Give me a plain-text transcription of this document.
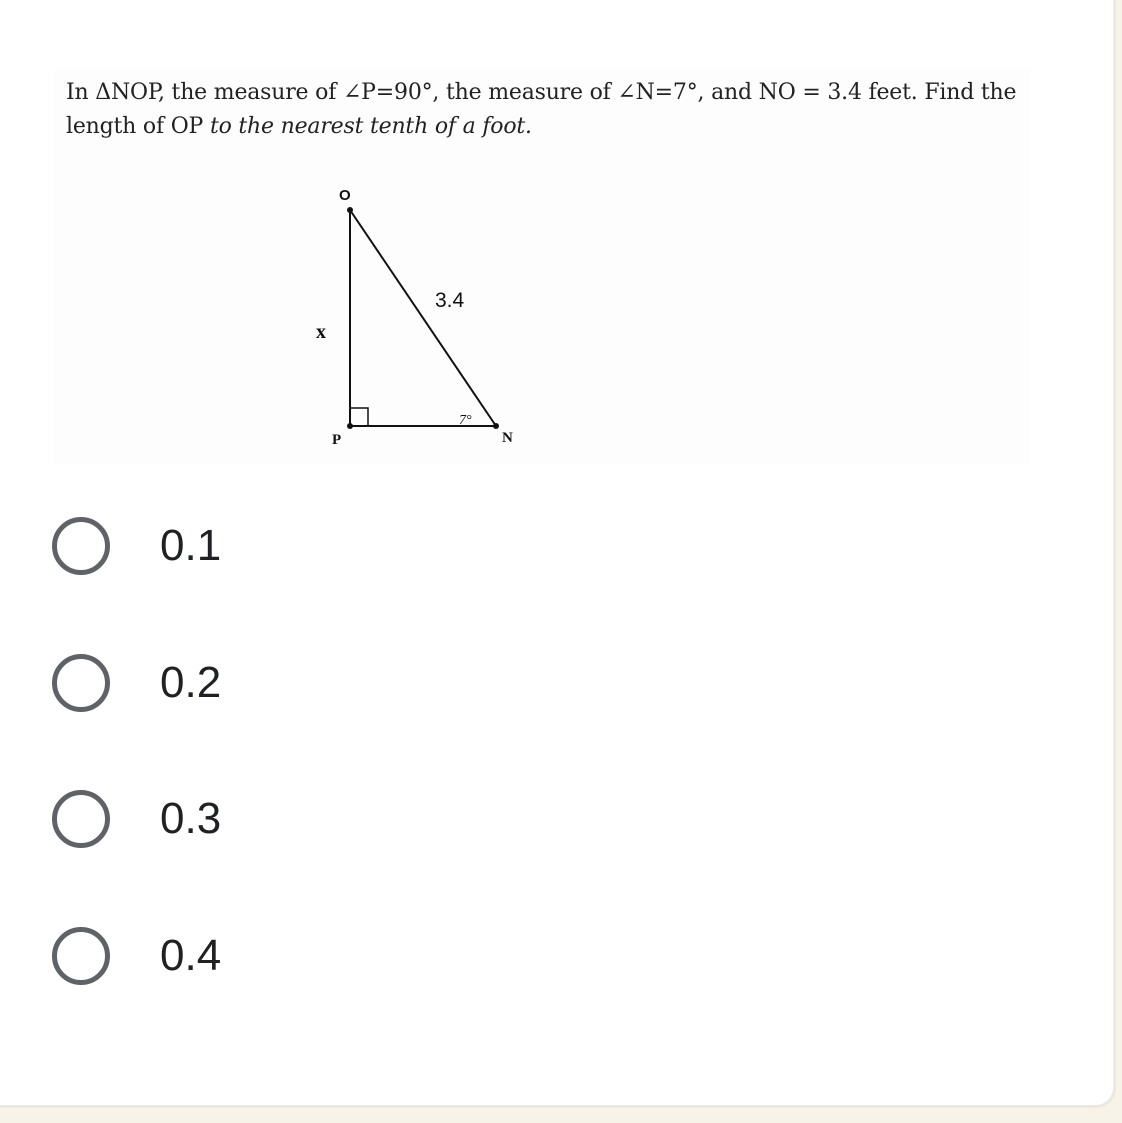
In ΔNOP, the measure of ∠P=90°, the measure of ∠N=7°, and NO = 3.4 feet. Find the length of OP to the nearest tenth of a foot.
O
P	N
3.4
x
7°
0.1
0.2
0.3
0.4
